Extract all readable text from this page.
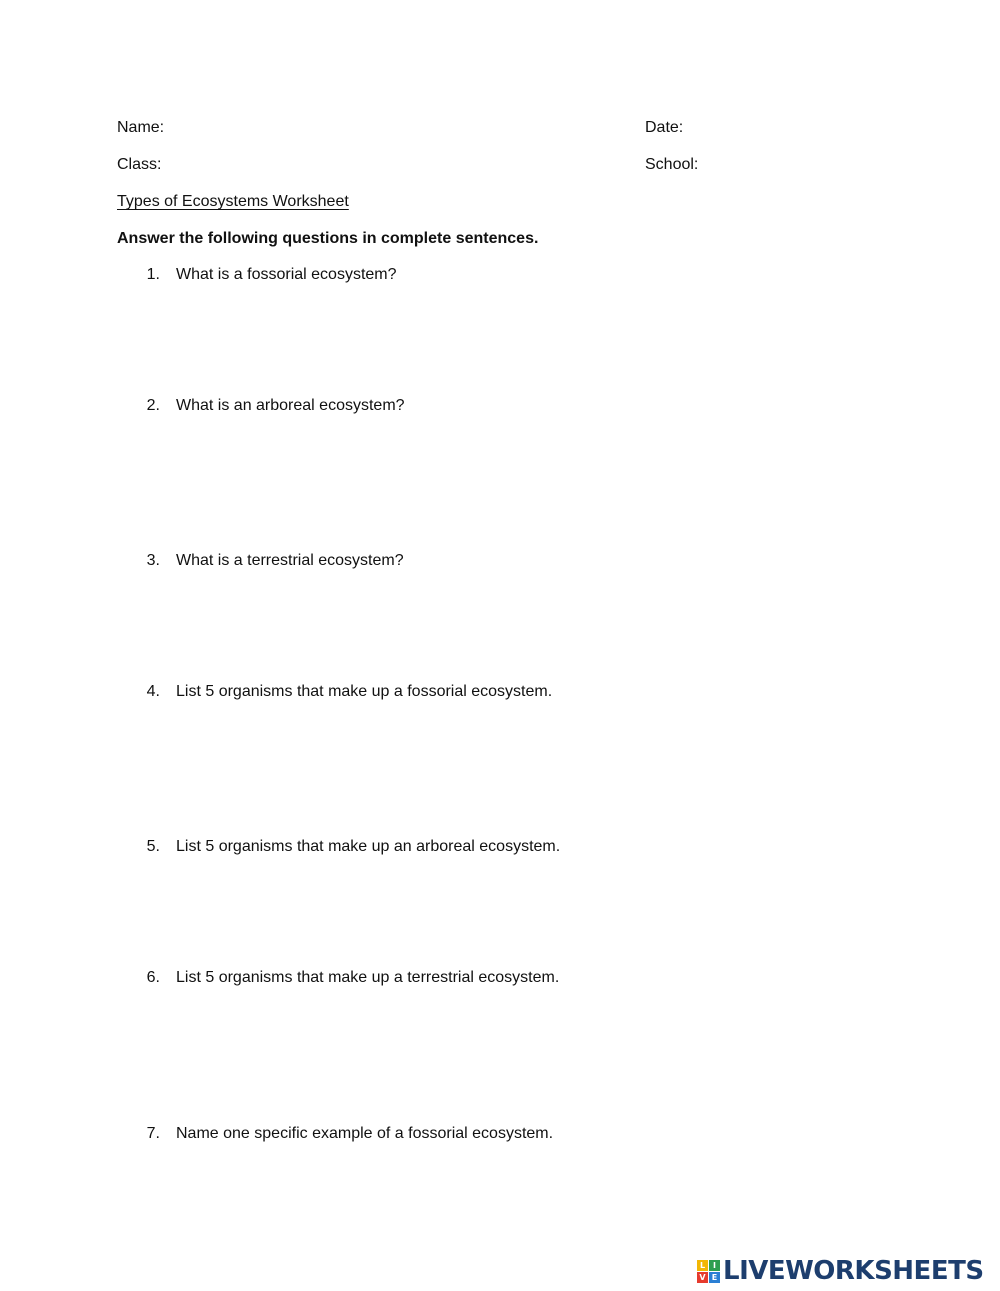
Name:	Date:
Class:	School:
Types of Ecosystems Worksheet
Answer the following questions in complete sentences.
1. What is a fossorial ecosystem?
2. What is an arboreal ecosystem?
3. What is a terrestrial ecosystem?
4. List 5 organisms that make up a fossorial ecosystem.
5. List 5 organisms that make up an arboreal ecosystem.
6. List 5 organisms that make up a terrestrial ecosystem.
7. Name one specific example of a fossorial ecosystem.
L I
V E LIVEWORKSHEETS
